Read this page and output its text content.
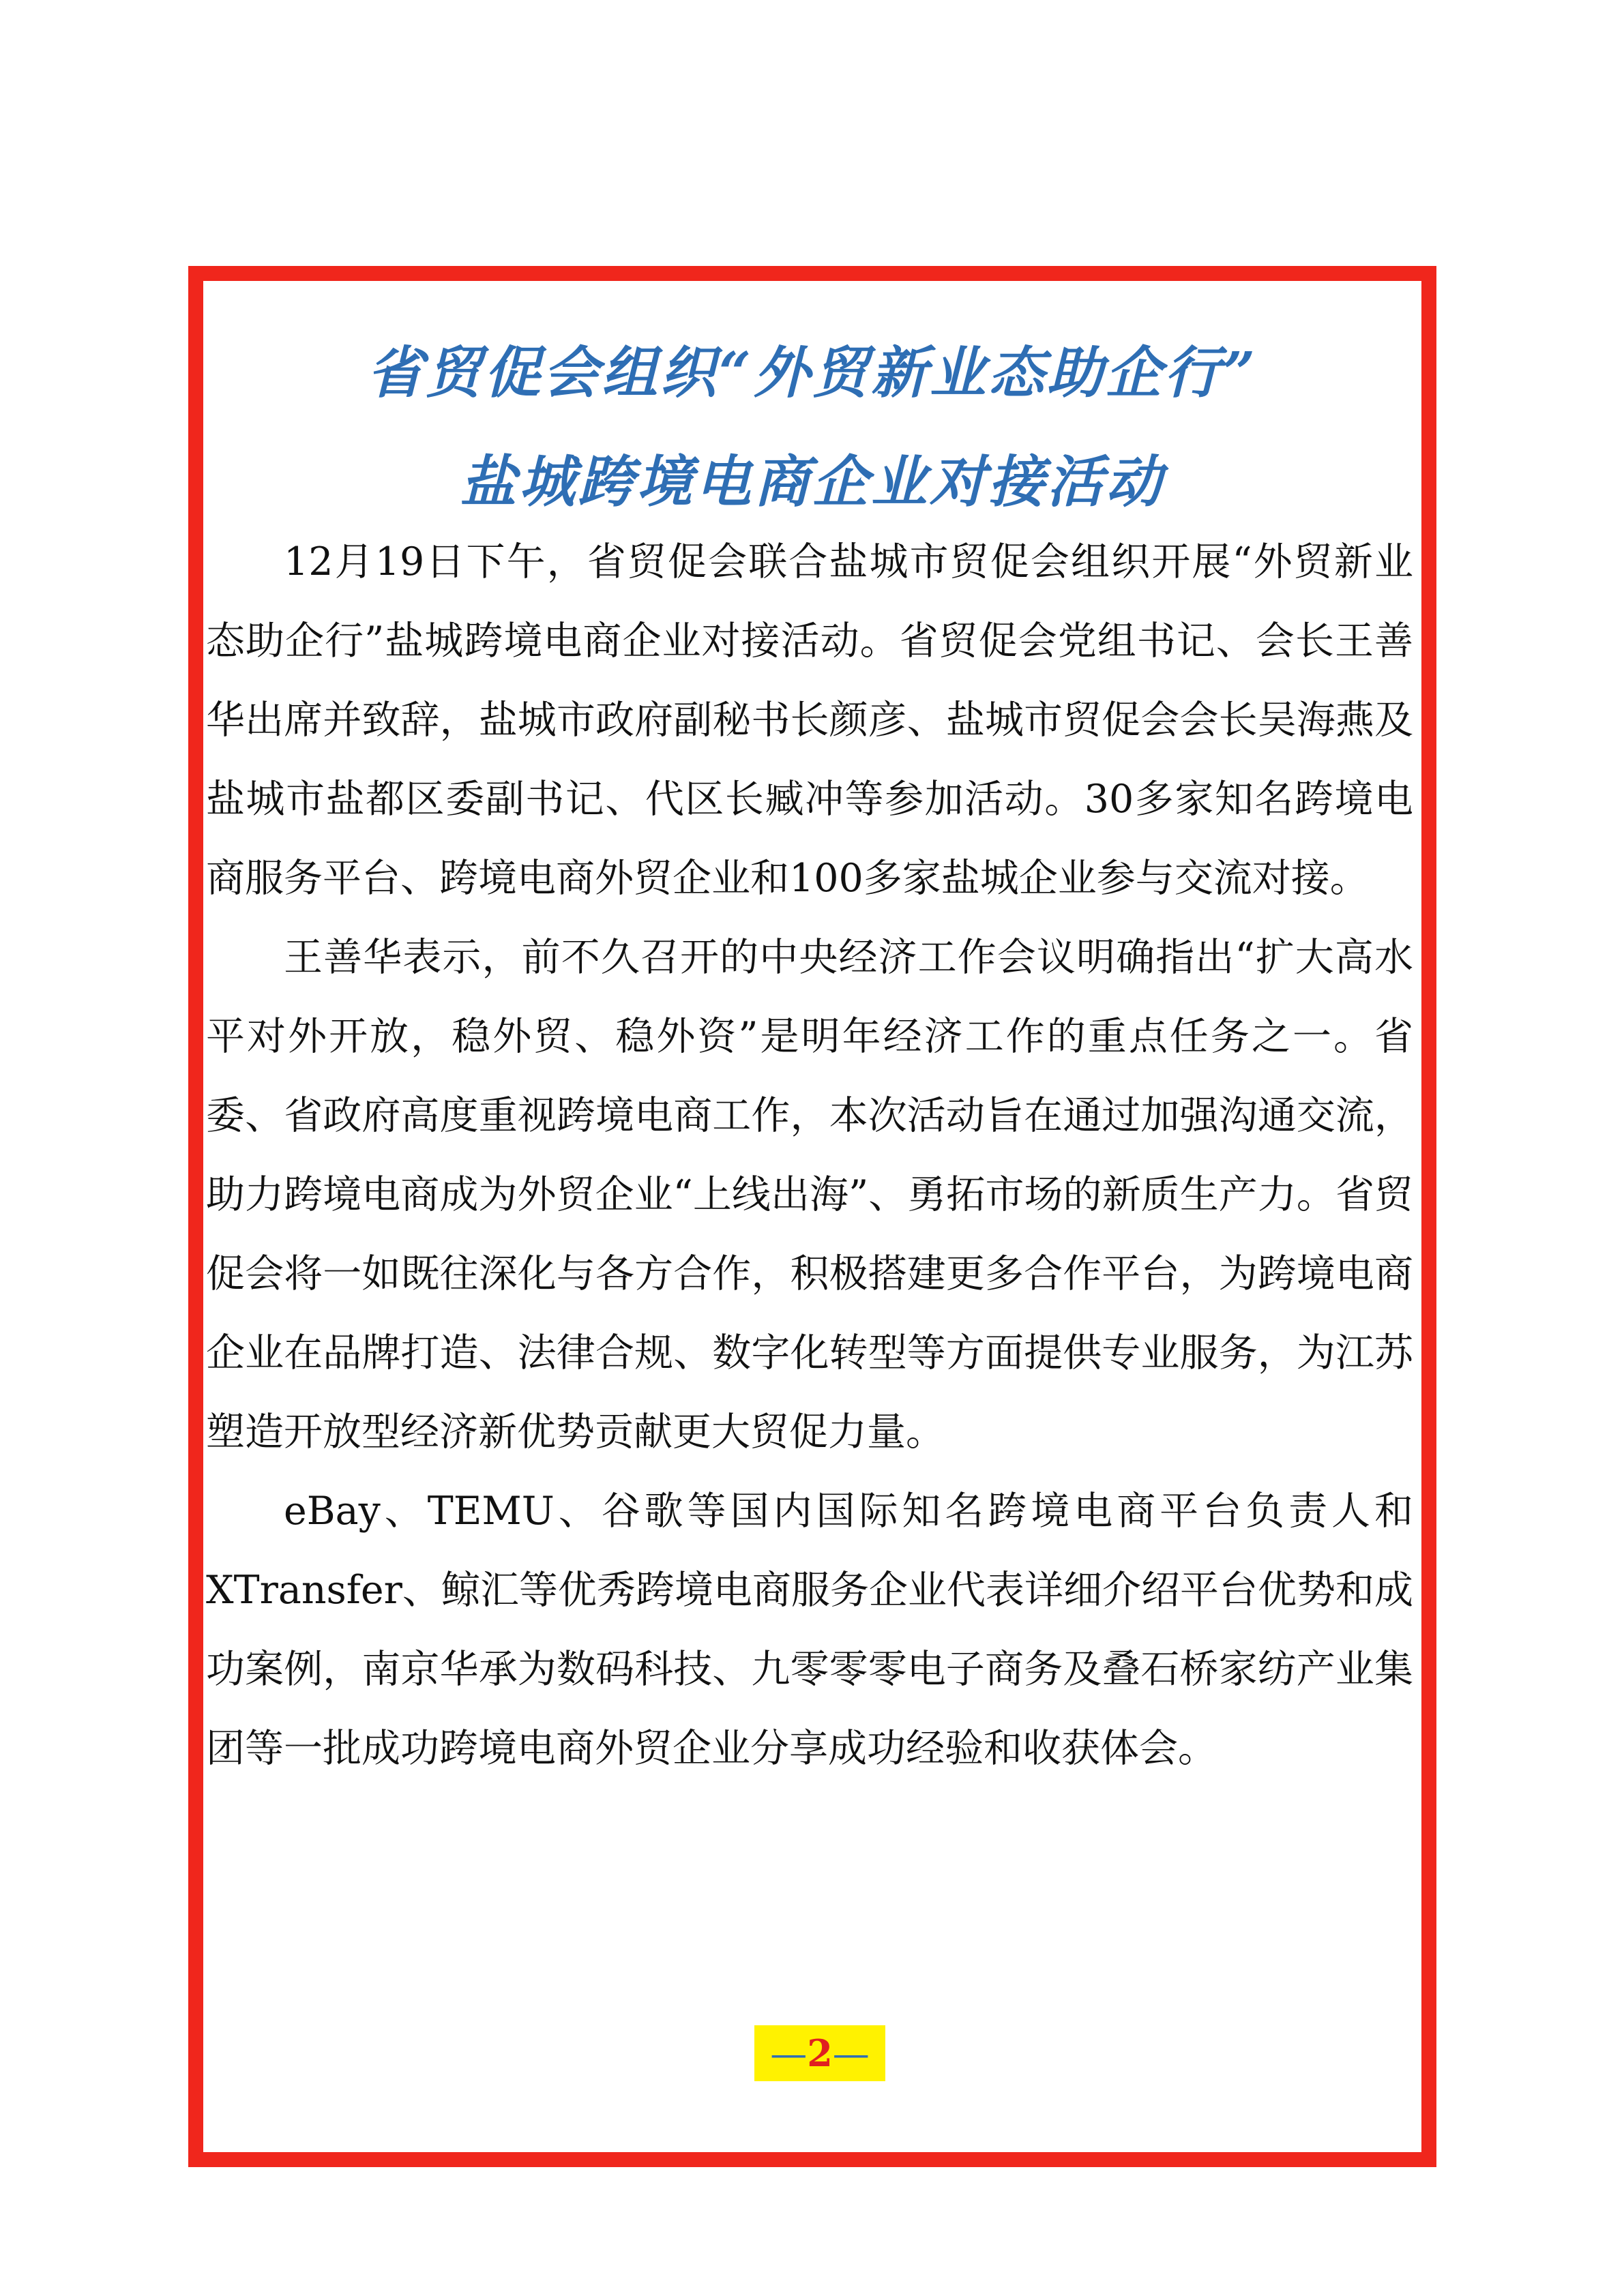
省贸促会组织“外贸新业态助企行”
盐城跨境电商企业对接活动

12月19日下午，省贸促会联合盐城市贸促会组织开展“外贸新业态助企行”盐城跨境电商企业对接活动。省贸促会党组书记、会长王善华出席并致辞，盐城市政府副秘书长颜彦、盐城市贸促会会长吴海燕及盐城市盐都区委副书记、代区长臧冲等参加活动。30多家知名跨境电商服务平台、跨境电商外贸企业和100多家盐城企业参与交流对接。

王善华表示，前不久召开的中央经济工作会议明确指出“扩大高水平对外开放，稳外贸、稳外资”是明年经济工作的重点任务之一。省委、省政府高度重视跨境电商工作，本次活动旨在通过加强沟通交流，助力跨境电商成为外贸企业“上线出海”、勇拓市场的新质生产力。省贸促会将一如既往深化与各方合作，积极搭建更多合作平台，为跨境电商企业在品牌打造、法律合规、数字化转型等方面提供专业服务，为江苏塑造开放型经济新优势贡献更大贸促力量。

eBay、TEMU、谷歌等国内国际知名跨境电商平台负责人和XTransfer、鲸汇等优秀跨境电商服务企业代表详细介绍平台优势和成功案例，南京华承为数码科技、九零零零电子商务及叠石桥家纺产业集团等一批成功跨境电商外贸企业分享成功经验和收获体会。

—2—
